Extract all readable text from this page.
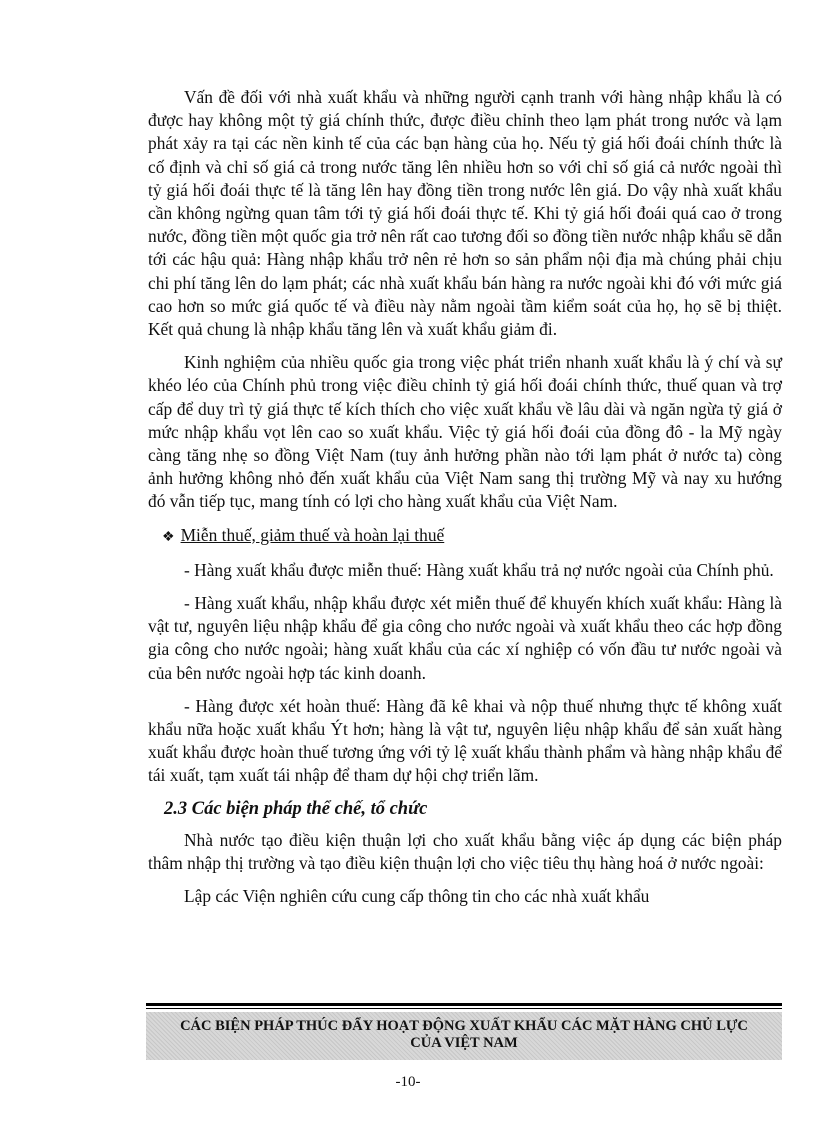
Vấn đề đối với nhà xuất khẩu và những người cạnh tranh với hàng nhập khẩu là có được hay không một tỷ giá chính thức, được điều chỉnh theo lạm phát trong nước và lạm phát xảy ra tại các nền kinh tế của các bạn hàng của họ. Nếu tỷ giá hối đoái chính thức là cố định và chỉ số giá cả trong nước tăng lên nhiều hơn so với chỉ số giá cả nước ngoài thì tỷ giá hối đoái thực tế là tăng lên hay đồng tiền trong nước lên giá. Do vậy nhà xuất khẩu cần không ngừng quan tâm tới tỷ giá hối đoái thực tế. Khi tỷ giá hối đoái quá cao ở trong nước, đồng tiền một quốc gia trở nên rất cao tương đối so đồng tiền nước nhập khẩu sẽ dẫn tới các hậu quả: Hàng nhập khẩu trở nên rẻ hơn so sản phẩm nội địa mà chúng phải chịu chi phí tăng lên do lạm phát; các nhà xuất khẩu bán hàng ra nước ngoài khi đó với mức giá cao hơn so mức giá quốc tế và điều này nằm ngoài tầm kiểm soát của họ, họ sẽ bị thiệt. Kết quả chung là nhập khẩu tăng lên và xuất khẩu giảm đi.

Kinh nghiệm của nhiều quốc gia trong việc phát triển nhanh xuất khẩu là ý chí và sự khéo léo của Chính phủ trong việc điều chỉnh tỷ giá hối đoái chính thức, thuế quan và trợ cấp để duy trì tỷ giá thực tế kích thích cho việc xuất khẩu về lâu dài và ngăn ngừa tỷ giá ở mức nhập khẩu vọt lên cao so xuất khẩu. Việc tỷ giá hối đoái của đồng đô - la Mỹ ngày càng tăng nhẹ so đồng Việt Nam (tuy ảnh hưởng phần nào tới lạm phát ở nước ta) còng ảnh hưởng không nhỏ đến xuất khẩu của Việt Nam sang thị trường Mỹ và nay xu hướng đó vẫn tiếp tục, mang tính có lợi cho hàng xuất khẩu của Việt Nam.

❖ Miễn thuế, giảm thuế và hoàn lại thuế

- Hàng xuất khẩu được miễn thuế: Hàng xuất khẩu trả nợ nước ngoài của Chính phủ.

- Hàng xuất khẩu, nhập khẩu được xét miễn thuế để khuyến khích xuất khẩu: Hàng là vật tư, nguyên liệu nhập khẩu để gia công cho nước ngoài và xuất khẩu theo các hợp đồng gia công cho nước ngoài; hàng xuất khẩu của các xí nghiệp có vốn đầu tư nước ngoài và của bên nước ngoài hợp tác kinh doanh.

- Hàng được xét hoàn thuế: Hàng đã kê khai và nộp thuế nhưng thực tế không xuất khẩu nữa hoặc xuất khẩu Ýt hơn; hàng là vật tư, nguyên liệu nhập khẩu để sản xuất hàng xuất khẩu được hoàn thuế tương ứng với tỷ lệ xuất khẩu thành phẩm và hàng nhập khẩu để tái xuất, tạm xuất tái nhập để tham dự hội chợ triển lãm.

2.3 Các biện pháp thể chế, tổ chức

Nhà nước tạo điều kiện thuận lợi cho xuất khẩu bằng việc áp dụng các biện pháp thâm nhập thị trường và tạo điều kiện thuận lợi cho việc tiêu thụ hàng hoá ở nước ngoài:

Lập các Viện nghiên cứu cung cấp thông tin cho các nhà xuất khẩu

CÁC BIỆN PHÁP THÚC ĐẨY HOẠT ĐỘNG XUẤT KHẨU CÁC MẶT HÀNG CHỦ LỰC
CỦA VIỆT NAM
-10-
